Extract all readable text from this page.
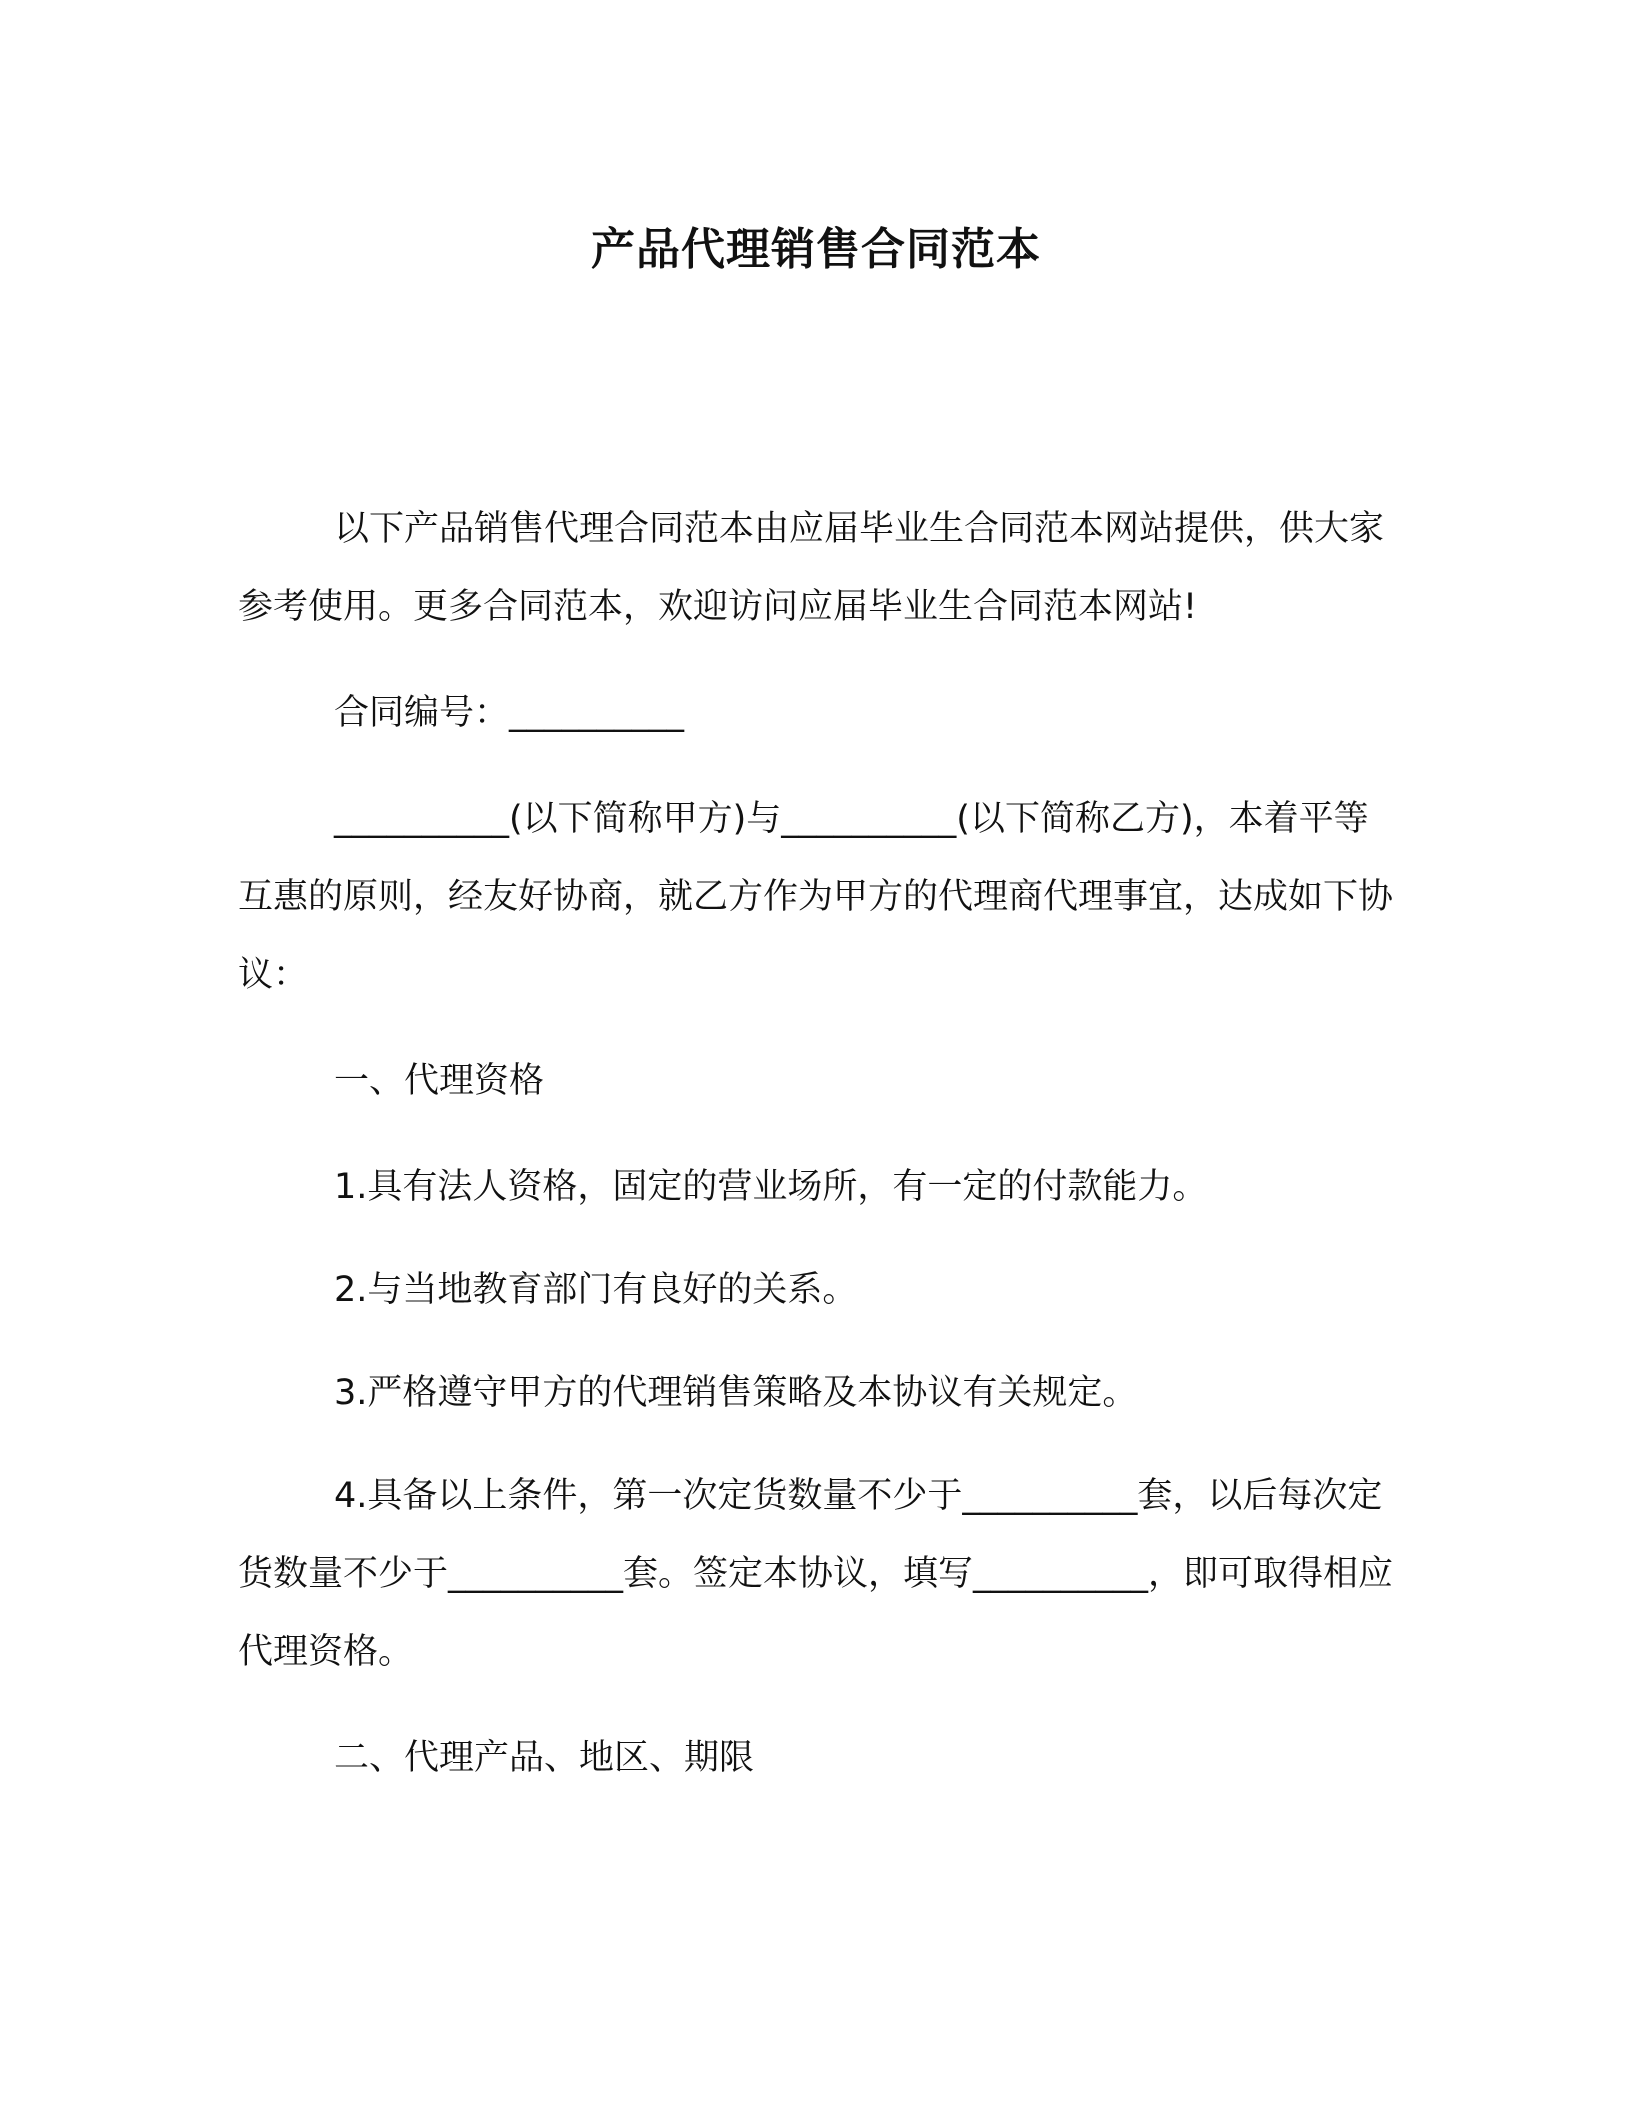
产品代理销售合同范本

以下产品销售代理合同范本由应届毕业生合同范本网站提供，供大家参考使用。更多合同范本，欢迎访问应届毕业生合同范本网站!

合同编号：__________

__________(以下简称甲方)与__________(以下简称乙方)，本着平等互惠的原则，经友好协商，就乙方作为甲方的代理商代理事宜，达成如下协议：

一、代理资格

1.具有法人资格，固定的营业场所，有一定的付款能力。

2.与当地教育部门有良好的关系。

3.严格遵守甲方的代理销售策略及本协议有关规定。

4.具备以上条件，第一次定货数量不少于__________套，以后每次定货数量不少于__________套。签定本协议，填写__________，即可取得相应代理资格。

二、代理产品、地区、期限
